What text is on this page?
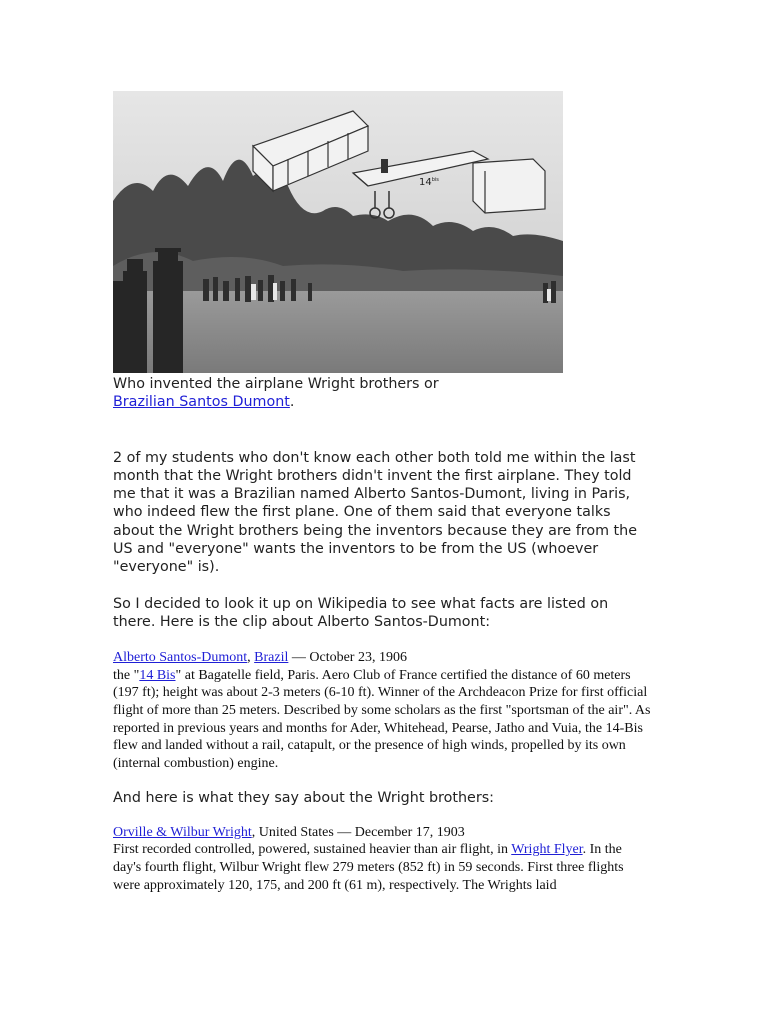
$14^{bis}$

Who invented the airplane Wright brothers or
Brazilian Santos Dumont.

2 of my students who don't know each other both told me within the last month that the Wright brothers didn't invent the first airplane. They told me that it was a Brazilian named Alberto Santos-Dumont, living in Paris, who indeed flew the first plane. One of them said that everyone talks about the Wright brothers being the inventors because they are from the US and "everyone" wants the inventors to be from the US (whoever "everyone" is).

So I decided to look it up on Wikipedia to see what facts are listed on there. Here is the clip about Alberto Santos-Dumont:

Alberto Santos-Dumont, Brazil — October 23, 1906
the "14 Bis" at Bagatelle field, Paris. Aero Club of France certified the distance of 60 meters (197 ft); height was about 2-3 meters (6-10 ft). Winner of the Archdeacon Prize for first official flight of more than 25 meters. Described by some scholars as the first "sportsman of the air". As reported in previous years and months for Ader, Whitehead, Pearse, Jatho and Vuia, the 14-Bis flew and landed without a rail, catapult, or the presence of high winds, propelled by its own (internal combustion) engine.

And here is what they say about the Wright brothers:

Orville & Wilbur Wright, United States — December 17, 1903
First recorded controlled, powered, sustained heavier than air flight, in Wright Flyer. In the day's fourth flight, Wilbur Wright flew 279 meters (852 ft) in 59 seconds. First three flights were approximately 120, 175, and 200 ft (61 m), respectively. The Wrights laid
